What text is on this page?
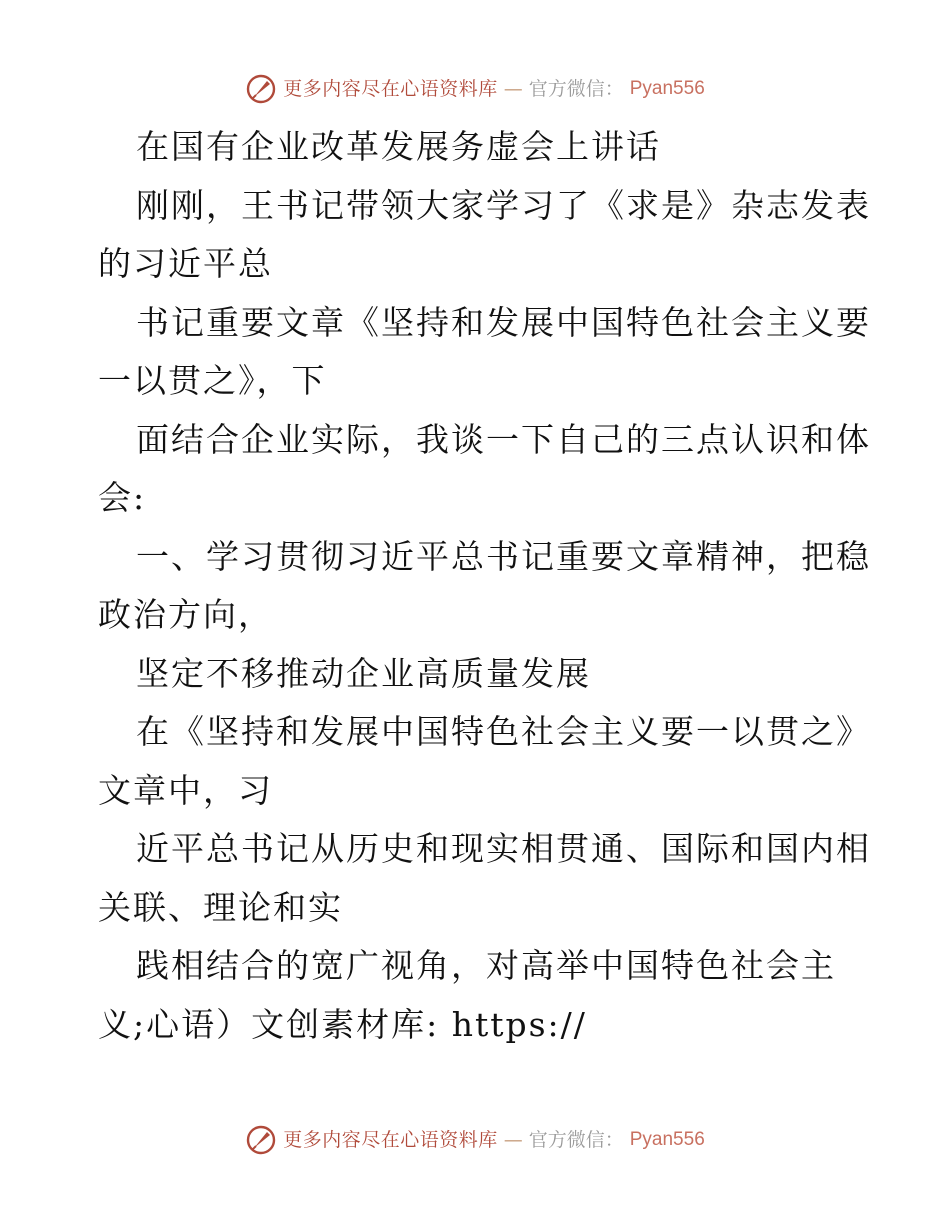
更多内容尽在心语资料库 — 官方微信： Pyan556
在国有企业改革发展务虚会上讲话
刚刚，王书记带领大家学习了《求是》杂志发表
的习近平总
书记重要文章《坚持和发展中国特色社会主义要
一以贯之》，下
面结合企业实际，我谈一下自己的三点认识和体
会:
一、学习贯彻习近平总书记重要文章精神，把稳
政治方向，
坚定不移推动企业高质量发展
在《坚持和发展中国特色社会主义要一以贯之》
文章中，习
近平总书记从历史和现实相贯通、国际和国内相
关联、理论和实
践相结合的宽广视角，对高举中国特色社会主
义;心语）文创素材库: https://
更多内容尽在心语资料库 — 官方微信： Pyan556
